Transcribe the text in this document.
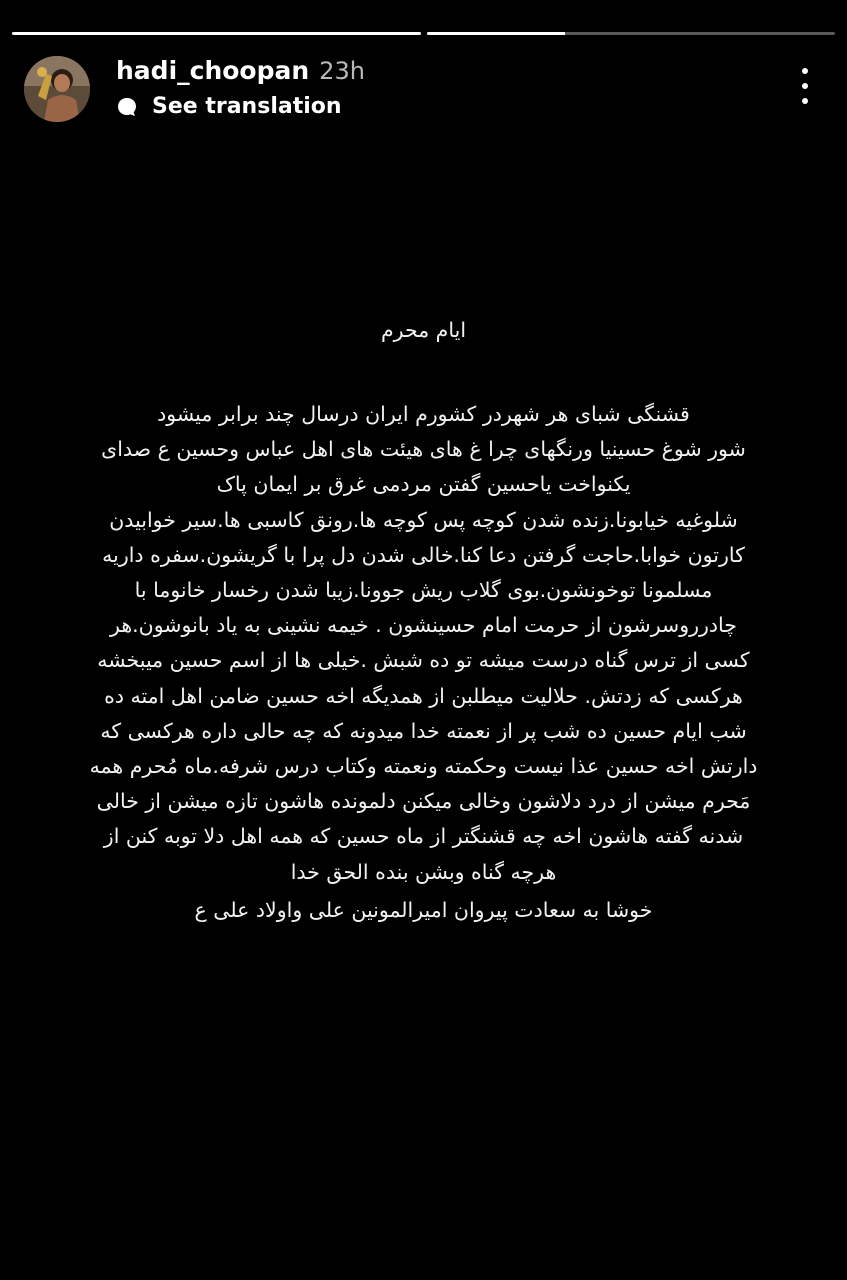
hadi_choopan 23h
See translation
ایام محرم
قشنگی شبای هر شهردر کشورم ایران درسال چند برابر میشود
شور شوغ حسینیا ورنگهای چرا غ های هیئت های اهل عباس وحسین ع صدای
یکنواخت یاحسین گفتن مردمی غرق بر ایمان پاک
شلوغیه خیابونا.زنده شدن کوچه پس کوچه ها.رونق کاسبی ها.سیر خوابیدن
کارتون خوابا.حاجت گرفتن دعا کنا.خالی شدن دل پرا با گریشون.سفره داریه
مسلمونا توخونشون.بوی گلاب ریش جوونا.زیبا شدن رخسار خانوما با
چادرروسرشون از حرمت امام حسینشون . خیمه نشینی به یاد بانوشون.هر
کسی از ترس گناه درست میشه تو ده شبش .خیلی ها از اسم حسین میبخشه
هرکسی که زدتش. حلالیت میطلبن از همدیگه اخه حسین ضامن اهل امته ده
شب ایام حسین ده شب پر از نعمته خدا میدونه که چه حالی داره هرکسی که
دارتش اخه حسین عذا نیست وحکمته ونعمته وکتاب درس شرفه.ماه مُحرم همه
مَحرم میشن از درد دلاشون وخالی میکنن دلمونده هاشون تازه میشن از خالی
شدنه گفته هاشون اخه چه قشنگتر از ماه حسین که همه اهل دلا توبه کنن از
هرچه گناه وبشن بنده الحق خدا
خوشا به سعادت پیروان امیرالمونین علی واولاد علی ع
